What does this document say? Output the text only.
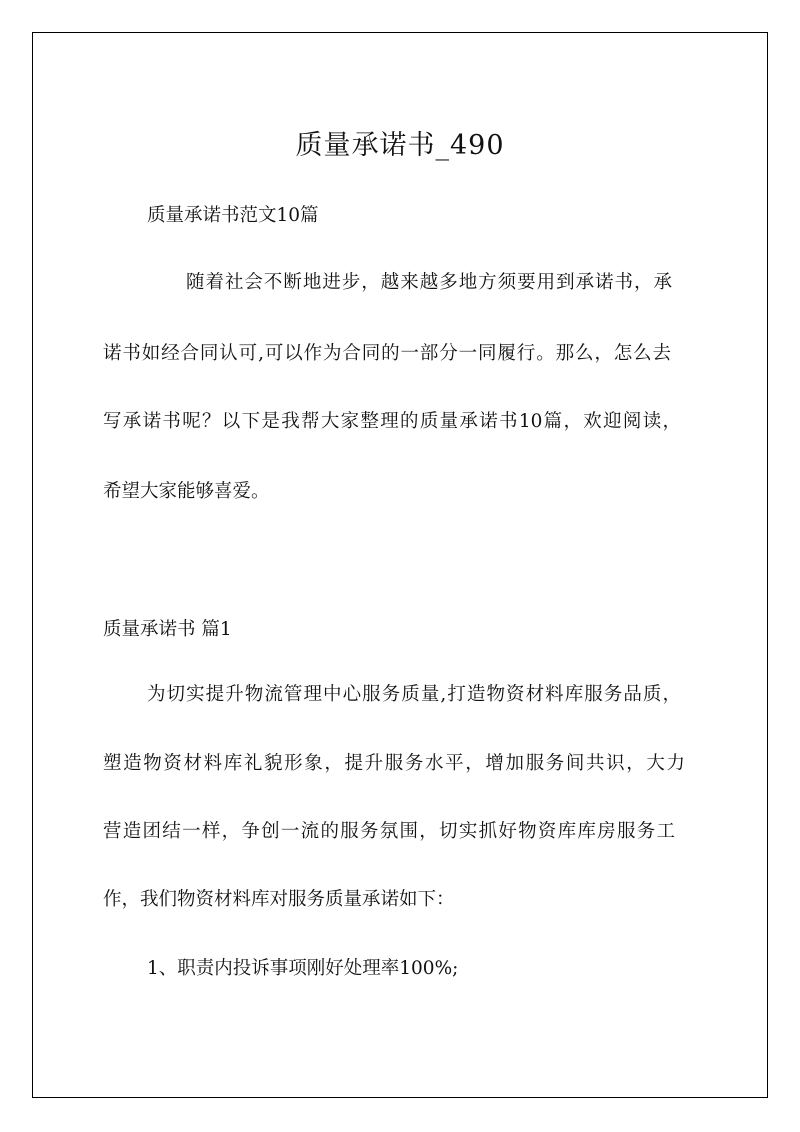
质量承诺书_490
质量承诺书范文10篇
随着社会不断地进步，越来越多地方须要用到承诺书，承
诺书如经合同认可,可以作为合同的一部分一同履行。那么，怎么去
写承诺书呢？以下是我帮大家整理的质量承诺书10篇，欢迎阅读，
希望大家能够喜爱。
质量承诺书 篇1
为切实提升物流管理中心服务质量,打造物资材料库服务品质，
塑造物资材料库礼貌形象，提升服务水平，增加服务间共识，大力
营造团结一样，争创一流的服务氛围，切实抓好物资库库房服务工
作，我们物资材料库对服务质量承诺如下：
1、职责内投诉事项刚好处理率100%;
